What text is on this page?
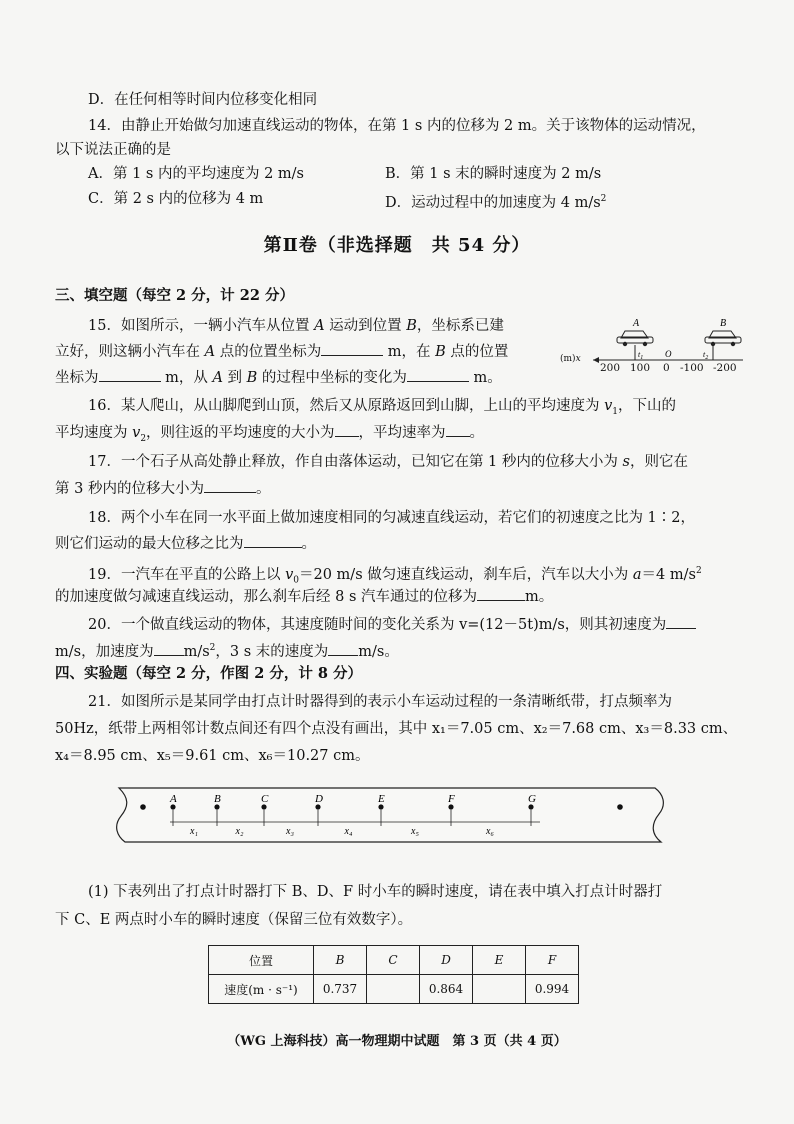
D．在任何相等时间内位移变化相同
14．由静止开始做匀加速直线运动的物体，在第 1 s 内的位移为 2 m。关于该物体的运动情况，
以下说法正确的是
A．第 1 s 内的平均速度为 2 m/s	B．第 1 s 末的瞬时速度为 2 m/s
C．第 2 s 内的位移为 4 m	D．运动过程中的加速度为 4 $m/s^2$
第Ⅱ卷（非选择题　共 54 分）
三、填空题（每空 2 分，计 22 分）
15．如图所示，一辆小汽车从位置 A 运动到位置 B，坐标系已建
立好，则这辆小汽车在 A 点的位置坐标为	m，在 B 点的位置
坐标为	m，从 A 到 B 的过程中坐标的变化为	m。
A	B
$t_1$ O	$t_2$
(m)x
200 100 0 -100 -200
16．某人爬山，从山脚爬到山顶，然后又从原路返回到山脚，上山的平均速度为 $v_1$，下山的
平均速度为 $v_2$，则往返的平均速度的大小为 ，平均速率为 。
17．一个石子从高处静止释放，作自由落体运动，已知它在第 1 秒内的位移大小为 s，则它在
第 3 秒内的位移大小为	。
18．两个小车在同一水平面上做加速度相同的匀减速直线运动，若它们的初速度之比为 1∶2，
则它们运动的最大位移之比为	。
19．一汽车在平直的公路上以 $v_0=20$ m/s 做匀速直线运动，刹车后，汽车以大小为 a＝4 $m/s^2$
的加速度做匀减速直线运动，那么刹车后经 8 s 汽车通过的位移为	m。
20．一个做直线运动的物体，其速度随时间的变化关系为 v=(12－5t)m/s，则其初速度为
m/s，加速度为 $m/s^2$，3 s 末的速度为 m/s。
四、实验题（每空 2 分，作图 2 分，计 8 分）
21．如图所示是某同学由打点计时器得到的表示小车运动过程的一条清晰纸带，打点频率为
50Hz，纸带上两相邻计数点间还有四个点没有画出，其中 x₁＝7.05 cm、x₂＝7.68 cm、x₃＝8.33 cm、
x₄＝8.95 cm、x₅＝9.61 cm、x₆＝10.27 cm。
A	B	C	D	E	F	G
x₁	x₂	x₃	x₄	x₅	x₆
(1) 下表列出了打点计时器打下 B、D、F 时小车的瞬时速度，请在表中填入打点计时器打
下 C、E 两点时小车的瞬时速度（保留三位有效数字）。
位置	B	C	D	E	F
速度(m · s⁻¹)	0.737		0.864		0.994
（WG 上海科技）高一物理期中试题　第 3 页（共 4 页）
